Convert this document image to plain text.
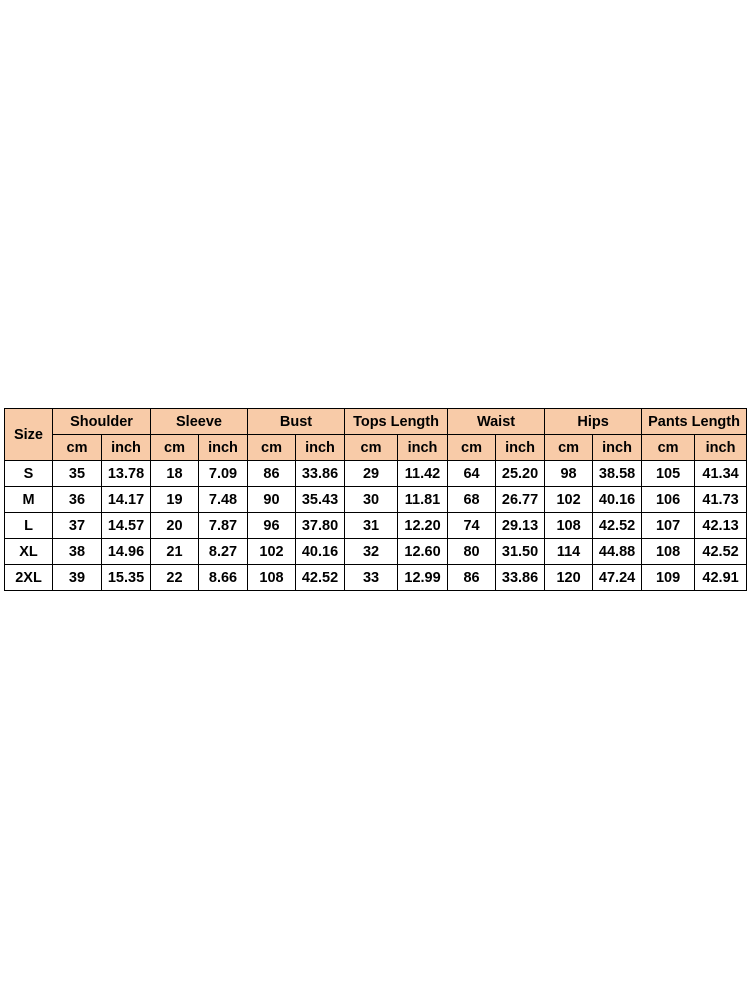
Size	Shoulder		Sleeve		Bust		Tops Length		Waist		Hips		Pants Length	
	cm	inch	cm	inch	cm	inch	cm	inch	cm	inch	cm	inch	cm	inch
S	35	13.78	18	7.09	86	33.86	29	11.42	64	25.20	98	38.58	105	41.34
M	36	14.17	19	7.48	90	35.43	30	11.81	68	26.77	102	40.16	106	41.73
L	37	14.57	20	7.87	96	37.80	31	12.20	74	29.13	108	42.52	107	42.13
XL	38	14.96	21	8.27	102	40.16	32	12.60	80	31.50	114	44.88	108	42.52
2XL	39	15.35	22	8.66	108	42.52	33	12.99	86	33.86	120	47.24	109	42.91
